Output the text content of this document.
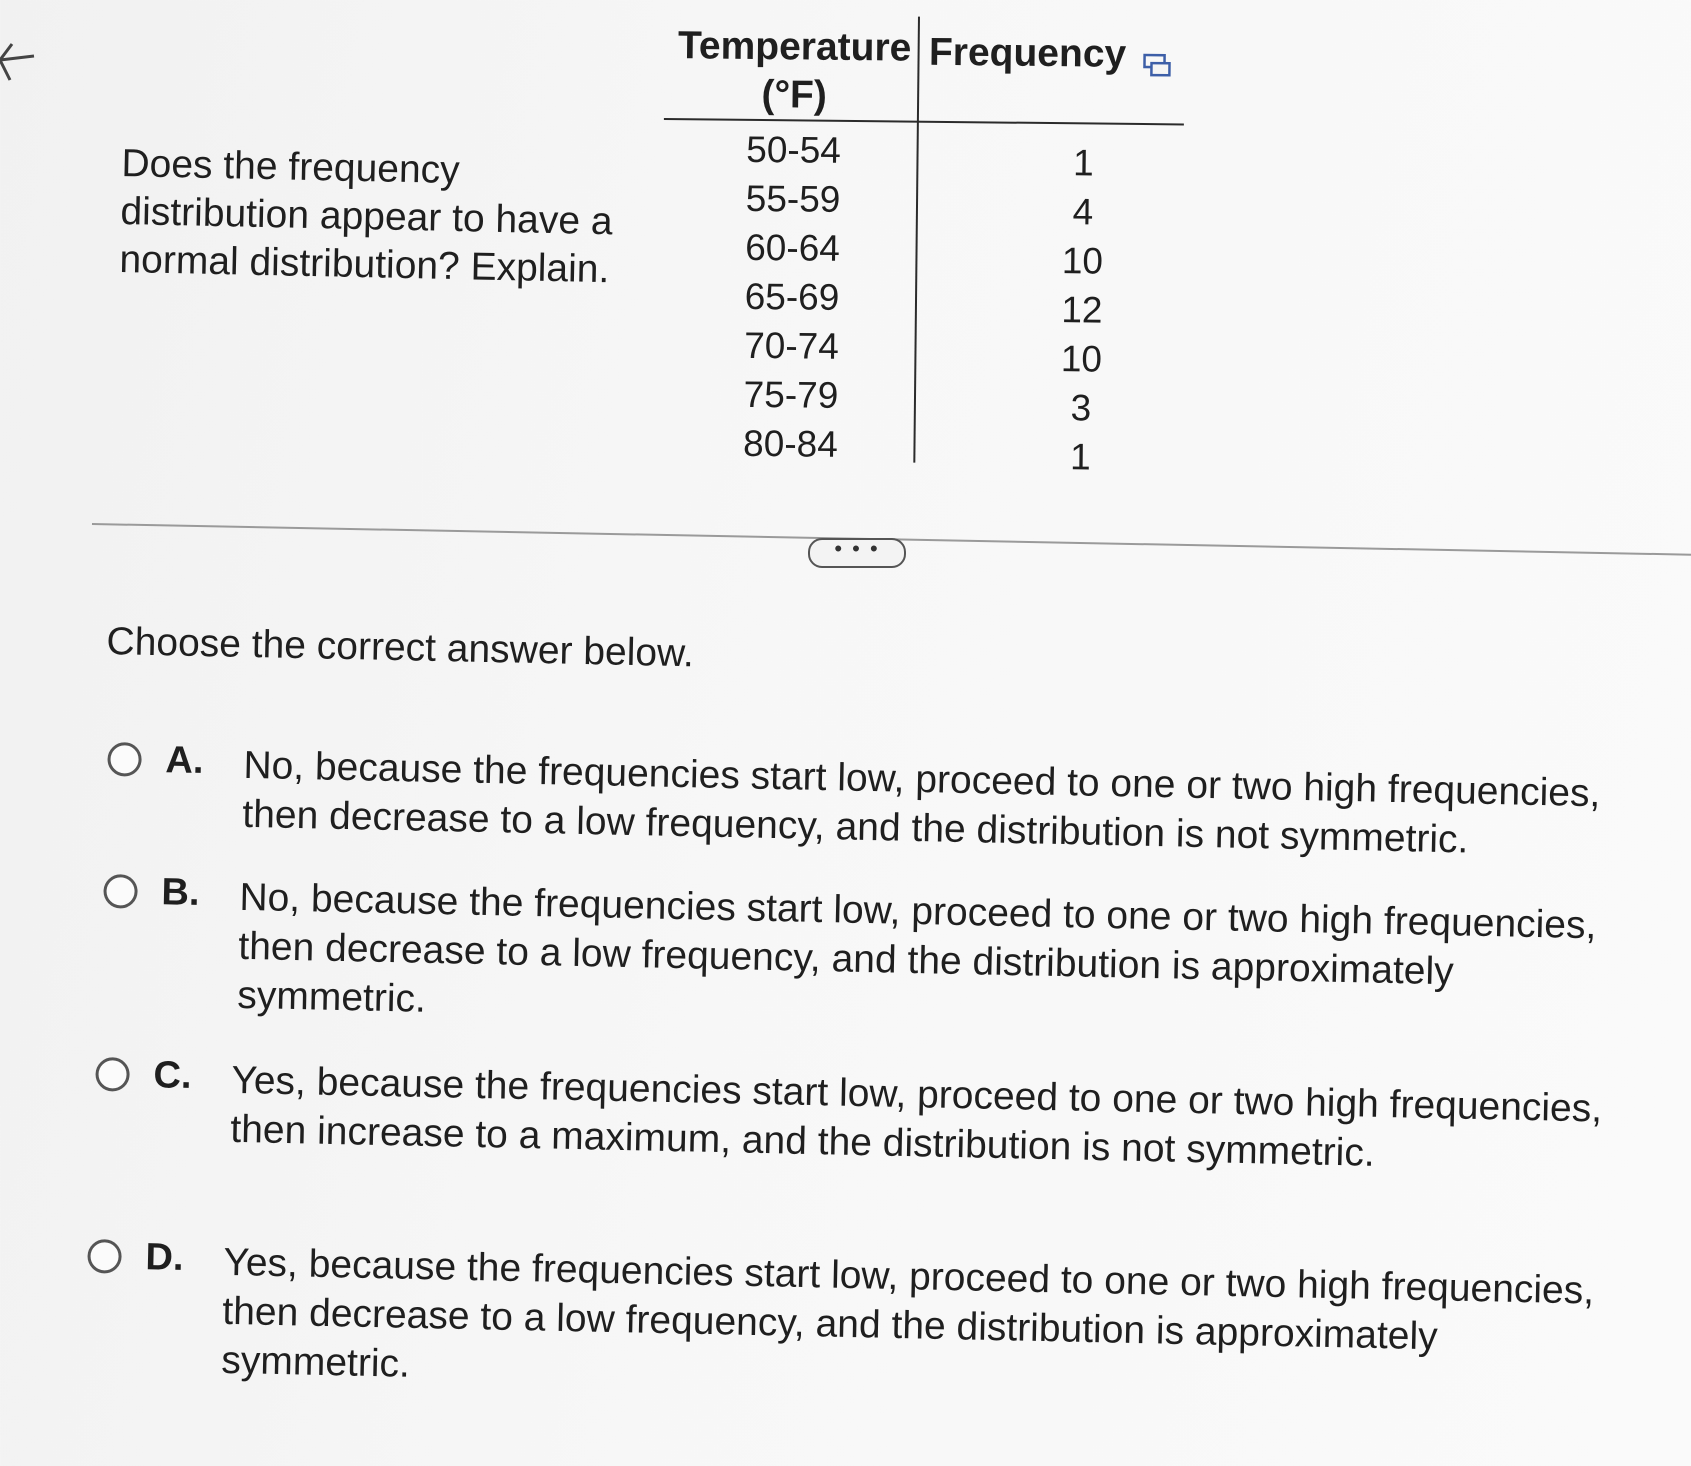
Does the frequency distribution appear to have a normal distribution? Explain.
Temperature
(°F)
Frequency
50-54	1
55-59	4
60-64	10
65-69	12
70-74	10
75-79	3
80-84	1
• • •
Choose the correct answer below.
A. No, because the frequencies start low, proceed to one or two high frequencies, then decrease to a low frequency, and the distribution is not symmetric.
B. No, because the frequencies start low, proceed to one or two high frequencies, then decrease to a low frequency, and the distribution is approximately symmetric.
C. Yes, because the frequencies start low, proceed to one or two high frequencies, then increase to a maximum, and the distribution is not symmetric.
D. Yes, because the frequencies start low, proceed to one or two high frequencies, then decrease to a low frequency, and the distribution is approximately symmetric.
